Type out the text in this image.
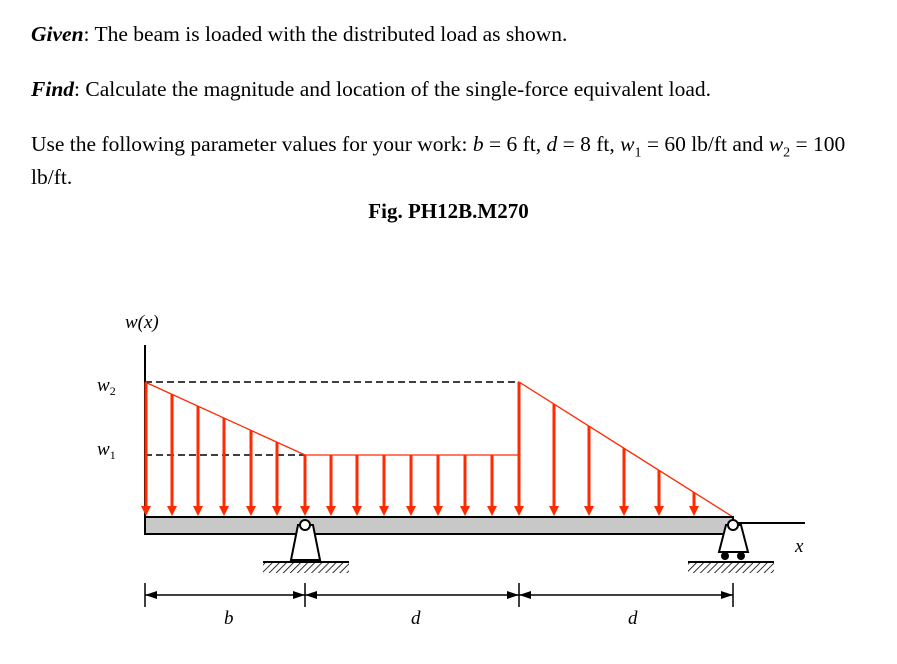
Given: The beam is loaded with the distributed load as shown.

Find: Calculate the magnitude and location of the single-force equivalent load.

Use the following parameter values for your work: b = 6 ft, d = 8 ft, $w_1 = 60$ lb/ft and $w_2 = 100$ lb/ft.

Fig. PH12B.M270
w(x)
$w_2$
$w_1$
x
b	d	d
